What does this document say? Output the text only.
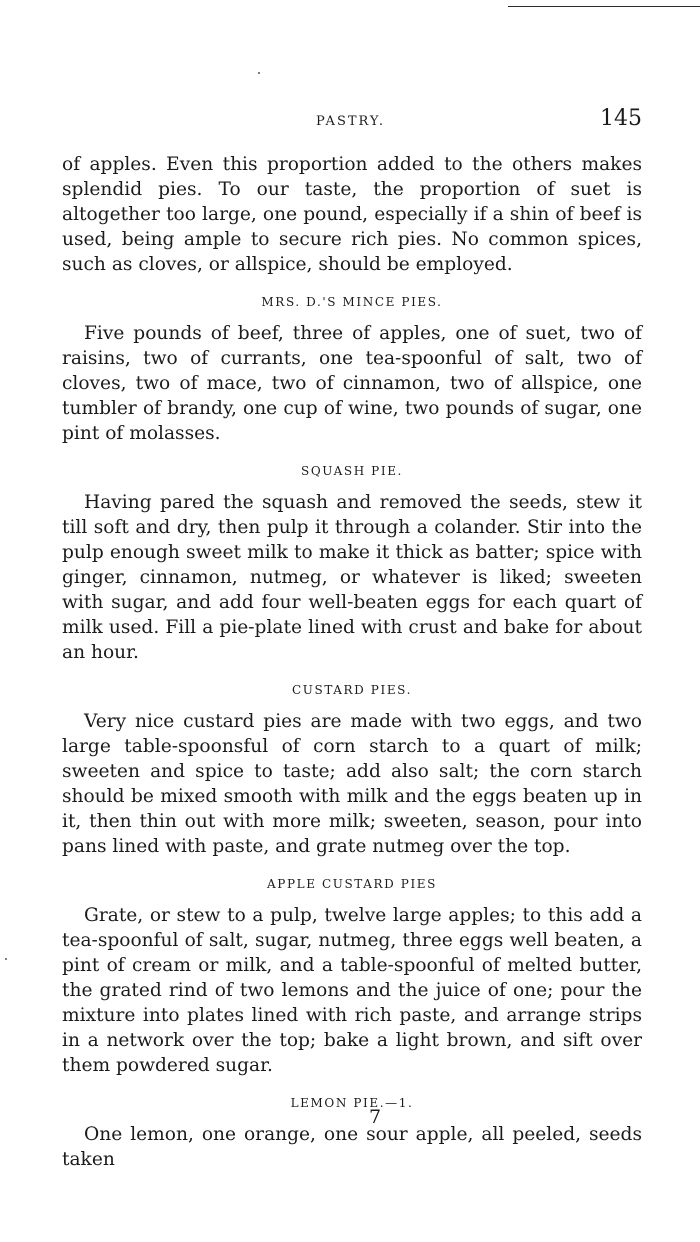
PASTRY.	145

of apples. Even this proportion added to the others makes splendid pies. To our taste, the proportion of suet is altogether too large, one pound, especially if a shin of beef is used, being ample to secure rich pies. No common spices, such as cloves, or allspice, should be employed.

MRS. D.'S MINCE PIES.

Five pounds of beef, three of apples, one of suet, two of raisins, two of currants, one tea-spoonful of salt, two of cloves, two of mace, two of cinnamon, two of allspice, one tumbler of brandy, one cup of wine, two pounds of sugar, one pint of molasses.

SQUASH PIE.

Having pared the squash and removed the seeds, stew it till soft and dry, then pulp it through a colander. Stir into the pulp enough sweet milk to make it thick as batter; spice with ginger, cinnamon, nutmeg, or whatever is liked; sweeten with sugar, and add four well-beaten eggs for each quart of milk used. Fill a pie-plate lined with crust and bake for about an hour.

CUSTARD PIES.

Very nice custard pies are made with two eggs, and two large table-spoonsful of corn starch to a quart of milk; sweeten and spice to taste; add also salt; the corn starch should be mixed smooth with milk and the eggs beaten up in it, then thin out with more milk; sweeten, season, pour into pans lined with paste, and grate nutmeg over the top.

APPLE CUSTARD PIES

Grate, or stew to a pulp, twelve large apples; to this add a tea-spoonful of salt, sugar, nutmeg, three eggs well beaten, a pint of cream or milk, and a table-spoonful of melted butter, the grated rind of two lemons and the juice of one; pour the mixture into plates lined with rich paste, and arrange strips in a network over the top; bake a light brown, and sift over them powdered sugar.

LEMON PIE.—1.

One lemon, one orange, one sour apple, all peeled, seeds taken

7
